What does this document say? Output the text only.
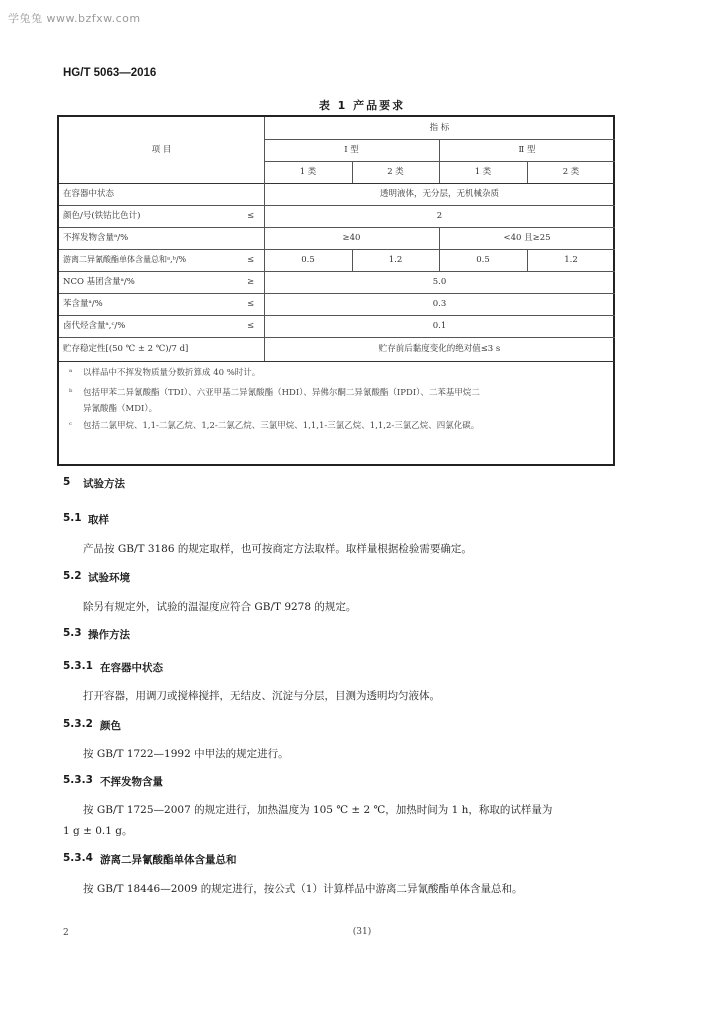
学兔兔 www.bzfxw.com
HG/T 5063—2016
表 1 产品要求
项 目
指 标
Ⅰ 型	Ⅱ 型
1 类	2 类	1 类	2 类
在容器中状态	透明液体，无分层，无机械杂质
颜色/号(铁钴比色计)	≤	2
不挥发物含量ᵃ/%	≥40	<40 且≥25
游离二异氰酸酯单体含量总和ᵃ,ᵇ/%	≤	0.5	1.2	0.5	1.2
NCO 基团含量ᵃ/%	≥	5.0
苯含量ᵃ/%	≤	0.3
卤代烃含量ᵃ,ᶜ/%	≤	0.1
贮存稳定性[(50 ℃ ± 2 ℃)/7 d]	贮存前后黏度变化的绝对值≤3 s
ᵃ 以样品中不挥发物质量分数折算成 40 %时计。
ᵇ 包括甲苯二异氰酸酯（TDI）、六亚甲基二异氰酸酯（HDI）、异佛尔酮二异氰酸酯（IPDI）、二苯基甲烷二
异氰酸酯（MDI）。
ᶜ 包括二氯甲烷、1,1-二氯乙烷、1,2-二氯乙烷、三氯甲烷、1,1,1-三氯乙烷、1,1,2-三氯乙烷、四氯化碳。
5 试验方法
5.1 取样
产品按 GB/T 3186 的规定取样，也可按商定方法取样。取样量根据检验需要确定。
5.2 试验环境
除另有规定外，试验的温湿度应符合 GB/T 9278 的规定。
5.3 操作方法
5.3.1 在容器中状态
打开容器，用调刀或搅棒搅拌，无结皮、沉淀与分层，目测为透明均匀液体。
5.3.2 颜色
按 GB/T 1722—1992 中甲法的规定进行。
5.3.3 不挥发物含量
按 GB/T 1725—2007 的规定进行，加热温度为 105 ℃ ± 2 ℃，加热时间为 1 h，称取的试样量为
1 g ± 0.1 g。
5.3.4 游离二异氰酸酯单体含量总和
按 GB/T 18446—2009 的规定进行，按公式（1）计算样品中游离二异氰酸酯单体含量总和。
2	(31)
